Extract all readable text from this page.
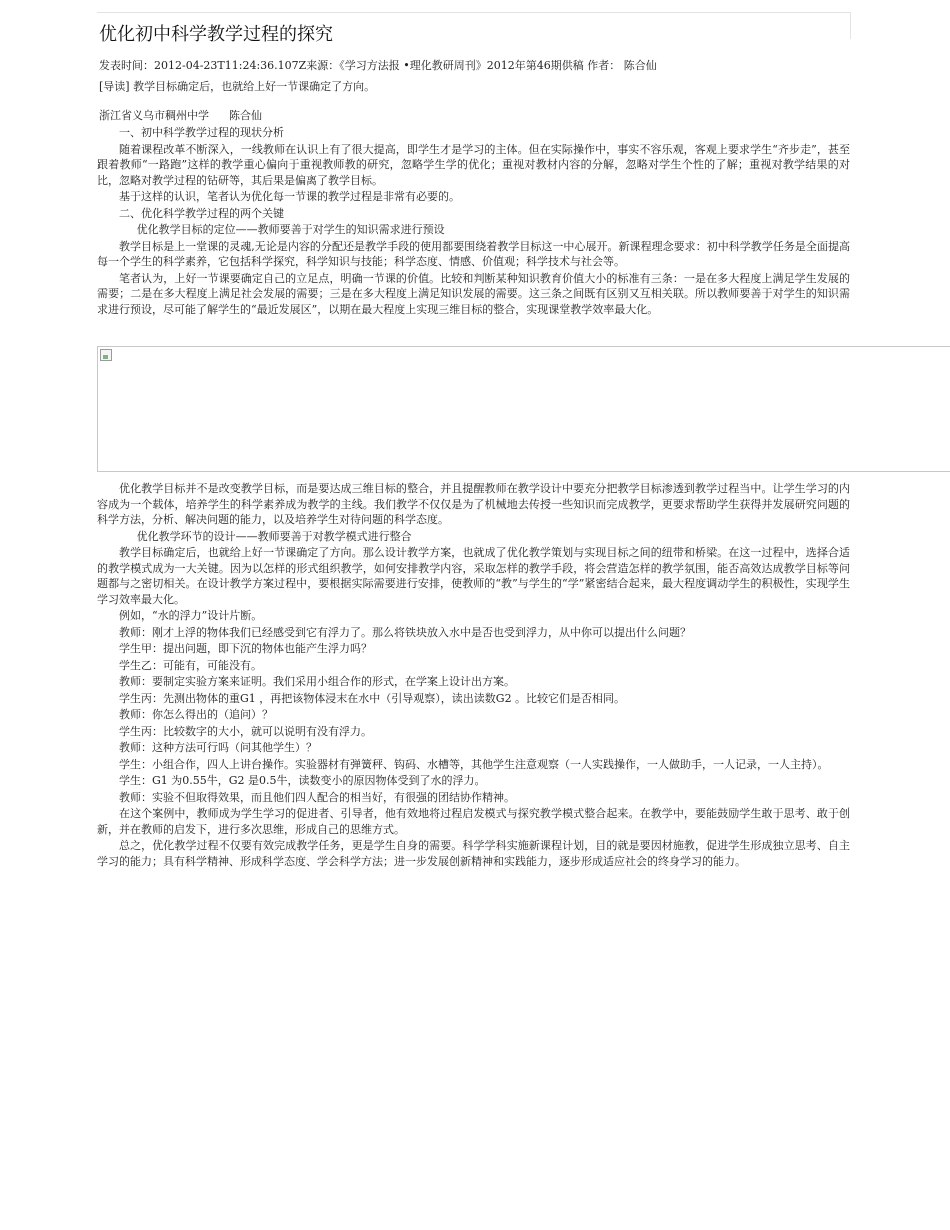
优化初中科学教学过程的探究
发表时间：2012-04-23T11:24:36.107Z来源：《学习方法报 •理化教研周刊》2012年第46期供稿 作者： 陈合仙
[导读] 教学目标确定后，也就给上好一节课确定了方向。
浙江省义乌市稠州中学 陈合仙

一、初中科学教学过程的现状分析

随着课程改革不断深入，一线教师在认识上有了很大提高，即学生才是学习的主体。但在实际操作中，事实不容乐观，客观上要求学生“齐步走”，甚至跟着教师“一路跑”这样的教学重心偏向于重视教师教的研究，忽略学生学的优化；重视对教材内容的分解，忽略对学生个性的了解；重视对教学结果的对比，忽略对教学过程的钻研等，其后果是偏离了教学目标。

基于这样的认识，笔者认为优化每一节课的教学过程是非常有必要的。

二、优化科学教学过程的两个关键

优化教学目标的定位——教师要善于对学生的知识需求进行预设

教学目标是上一堂课的灵魂,无论是内容的分配还是教学手段的使用都要围绕着教学目标这一中心展开。新课程理念要求：初中科学教学任务是全面提高每一个学生的科学素养，它包括科学探究，科学知识与技能；科学态度、情感、价值观；科学技术与社会等。

笔者认为，上好一节课要确定自己的立足点，明确一节课的价值。比较和判断某种知识教育价值大小的标准有三条：一是在多大程度上满足学生发展的需要；二是在多大程度上满足社会发展的需要；三是在多大程度上满足知识发展的需要。这三条之间既有区别又互相关联。所以教师要善于对学生的知识需求进行预设，尽可能了解学生的“最近发展区”，以期在最大程度上实现三维目标的整合，实现课堂教学效率最大化。

优化教学目标并不是改变教学目标，而是要达成三维目标的整合，并且提醒教师在教学设计中要充分把教学目标渗透到教学过程当中。让学生学习的内容成为一个载体，培养学生的科学素养成为教学的主线。我们教学不仅仅是为了机械地去传授一些知识而完成教学，更要求帮助学生获得并发展研究问题的科学方法，分析、解决问题的能力，以及培养学生对待问题的科学态度。

优化教学环节的设计——教师要善于对教学模式进行整合

教学目标确定后，也就给上好一节课确定了方向。那么设计教学方案，也就成了优化教学策划与实现目标之间的纽带和桥梁。在这一过程中，选择合适的教学模式成为一大关键。因为以怎样的形式组织教学，如何安排教学内容，采取怎样的教学手段，将会营造怎样的教学氛围，能否高效达成教学目标等问题都与之密切相关。在设计教学方案过程中，要根据实际需要进行安排，使教师的“教”与学生的“学”紧密结合起来，最大程度调动学生的积极性，实现学生学习效率最大化。

例如，“水的浮力”设计片断。

教师：刚才上浮的物体我们已经感受到它有浮力了。那么将铁块放入水中是否也受到浮力，从中你可以提出什么问题？

学生甲：提出问题，即下沉的物体也能产生浮力吗？

学生乙：可能有，可能没有。

教师：要制定实验方案来证明。我们采用小组合作的形式，在学案上设计出方案。

学生丙：先测出物体的重G1 ，再把该物体浸末在水中（引导观察），读出读数G2 。比较它们是否相同。

教师：你怎么得出的（追问）？

学生丙：比较数字的大小，就可以说明有没有浮力。

教师：这种方法可行吗（问其他学生）？

学生：小组合作，四人上讲台操作。实验器材有弹簧秤、钩码、水槽等，其他学生注意观察（一人实践操作，一人做助手，一人记录，一人主持）。

学生：G1 为0.55牛，G2 是0.5牛，读数变小的原因物体受到了水的浮力。

教师：实验不但取得效果，而且他们四人配合的相当好，有很强的团结协作精神。

在这个案例中，教师成为学生学习的促进者、引导者，他有效地将过程启发模式与探究教学模式整合起来。在教学中，要能鼓励学生敢于思考、敢于创新，并在教师的启发下，进行多次思维，形成自己的思维方式。

总之，优化教学过程不仅要有效完成教学任务，更是学生自身的需要。科学学科实施新课程计划，目的就是要因材施教，促进学生形成独立思考、自主学习的能力；具有科学精神、形成科学态度、学会科学方法；进一步发展创新精神和实践能力，逐步形成适应社会的终身学习的能力。
